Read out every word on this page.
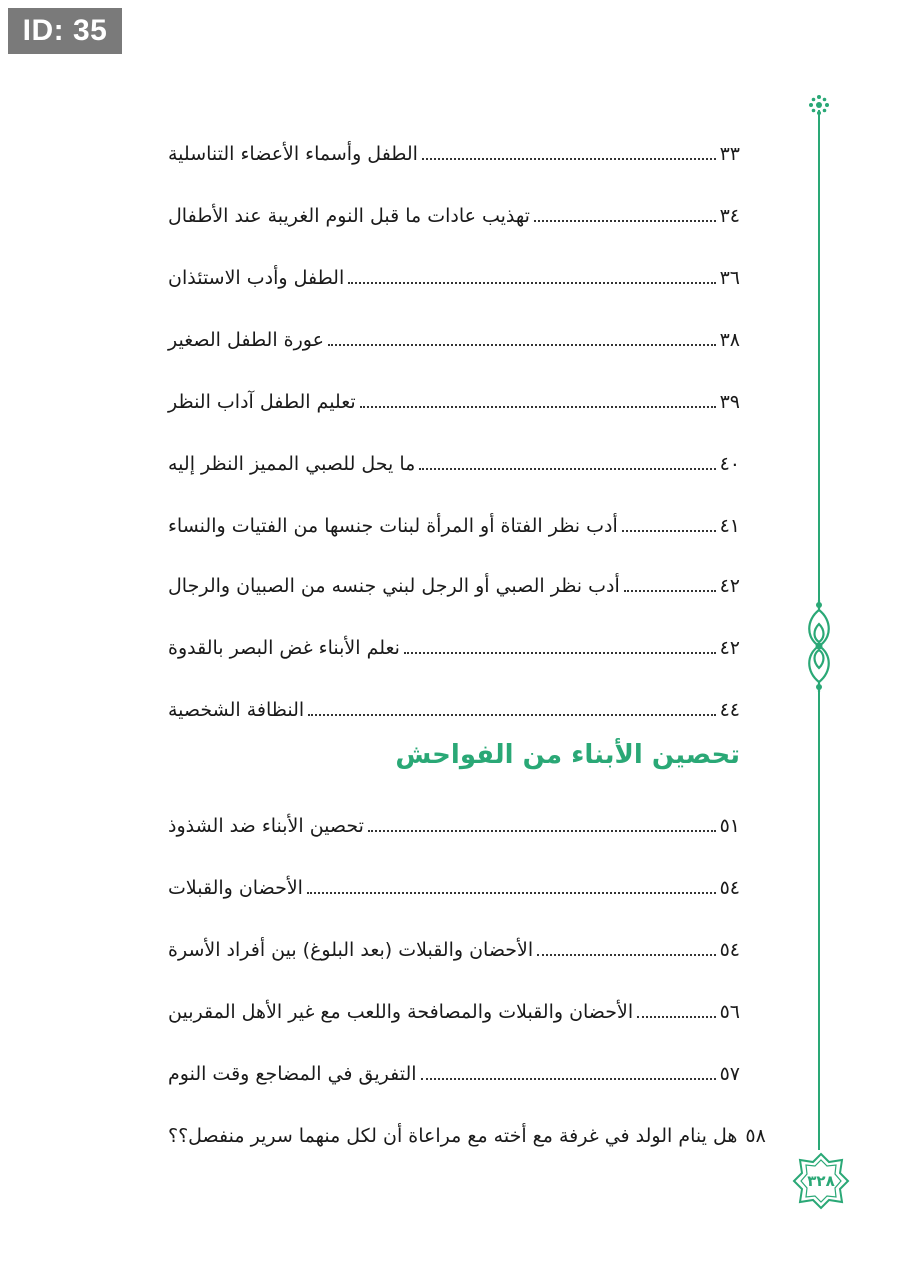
ID: 35
٣٢٨
الطفل وأسماء الأعضاء التناسلية	٣٣
تهذيب عادات ما قبل النوم الغريبة عند الأطفال	٣٤
الطفل وأدب الاستئذان	٣٦
عورة الطفل الصغير	٣٨
تعليم الطفل آداب النظر	٣٩
ما يحل للصبي المميز النظر إليه	٤٠
أدب نظر الفتاة أو المرأة لبنات جنسها من الفتيات والنساء	٤١
أدب نظر الصبي أو الرجل لبني جنسه من الصبيان والرجال	٤٢
نعلم الأبناء غض البصر بالقدوة	٤٢
النظافة الشخصية	٤٤
تحصين الأبناء من الفواحش
تحصين الأبناء ضد الشذوذ	٥١
الأحضان والقبلات	٥٤
الأحضان والقبلات (بعد البلوغ) بين أفراد الأسرة	٥٤
الأحضان والقبلات والمصافحة واللعب مع غير الأهل المقربين	٥٦
التفريق في المضاجع وقت النوم	٥٧
هل ينام الولد في غرفة مع أخته مع مراعاة أن لكل منهما سرير منفصل؟؟ ٥٨
